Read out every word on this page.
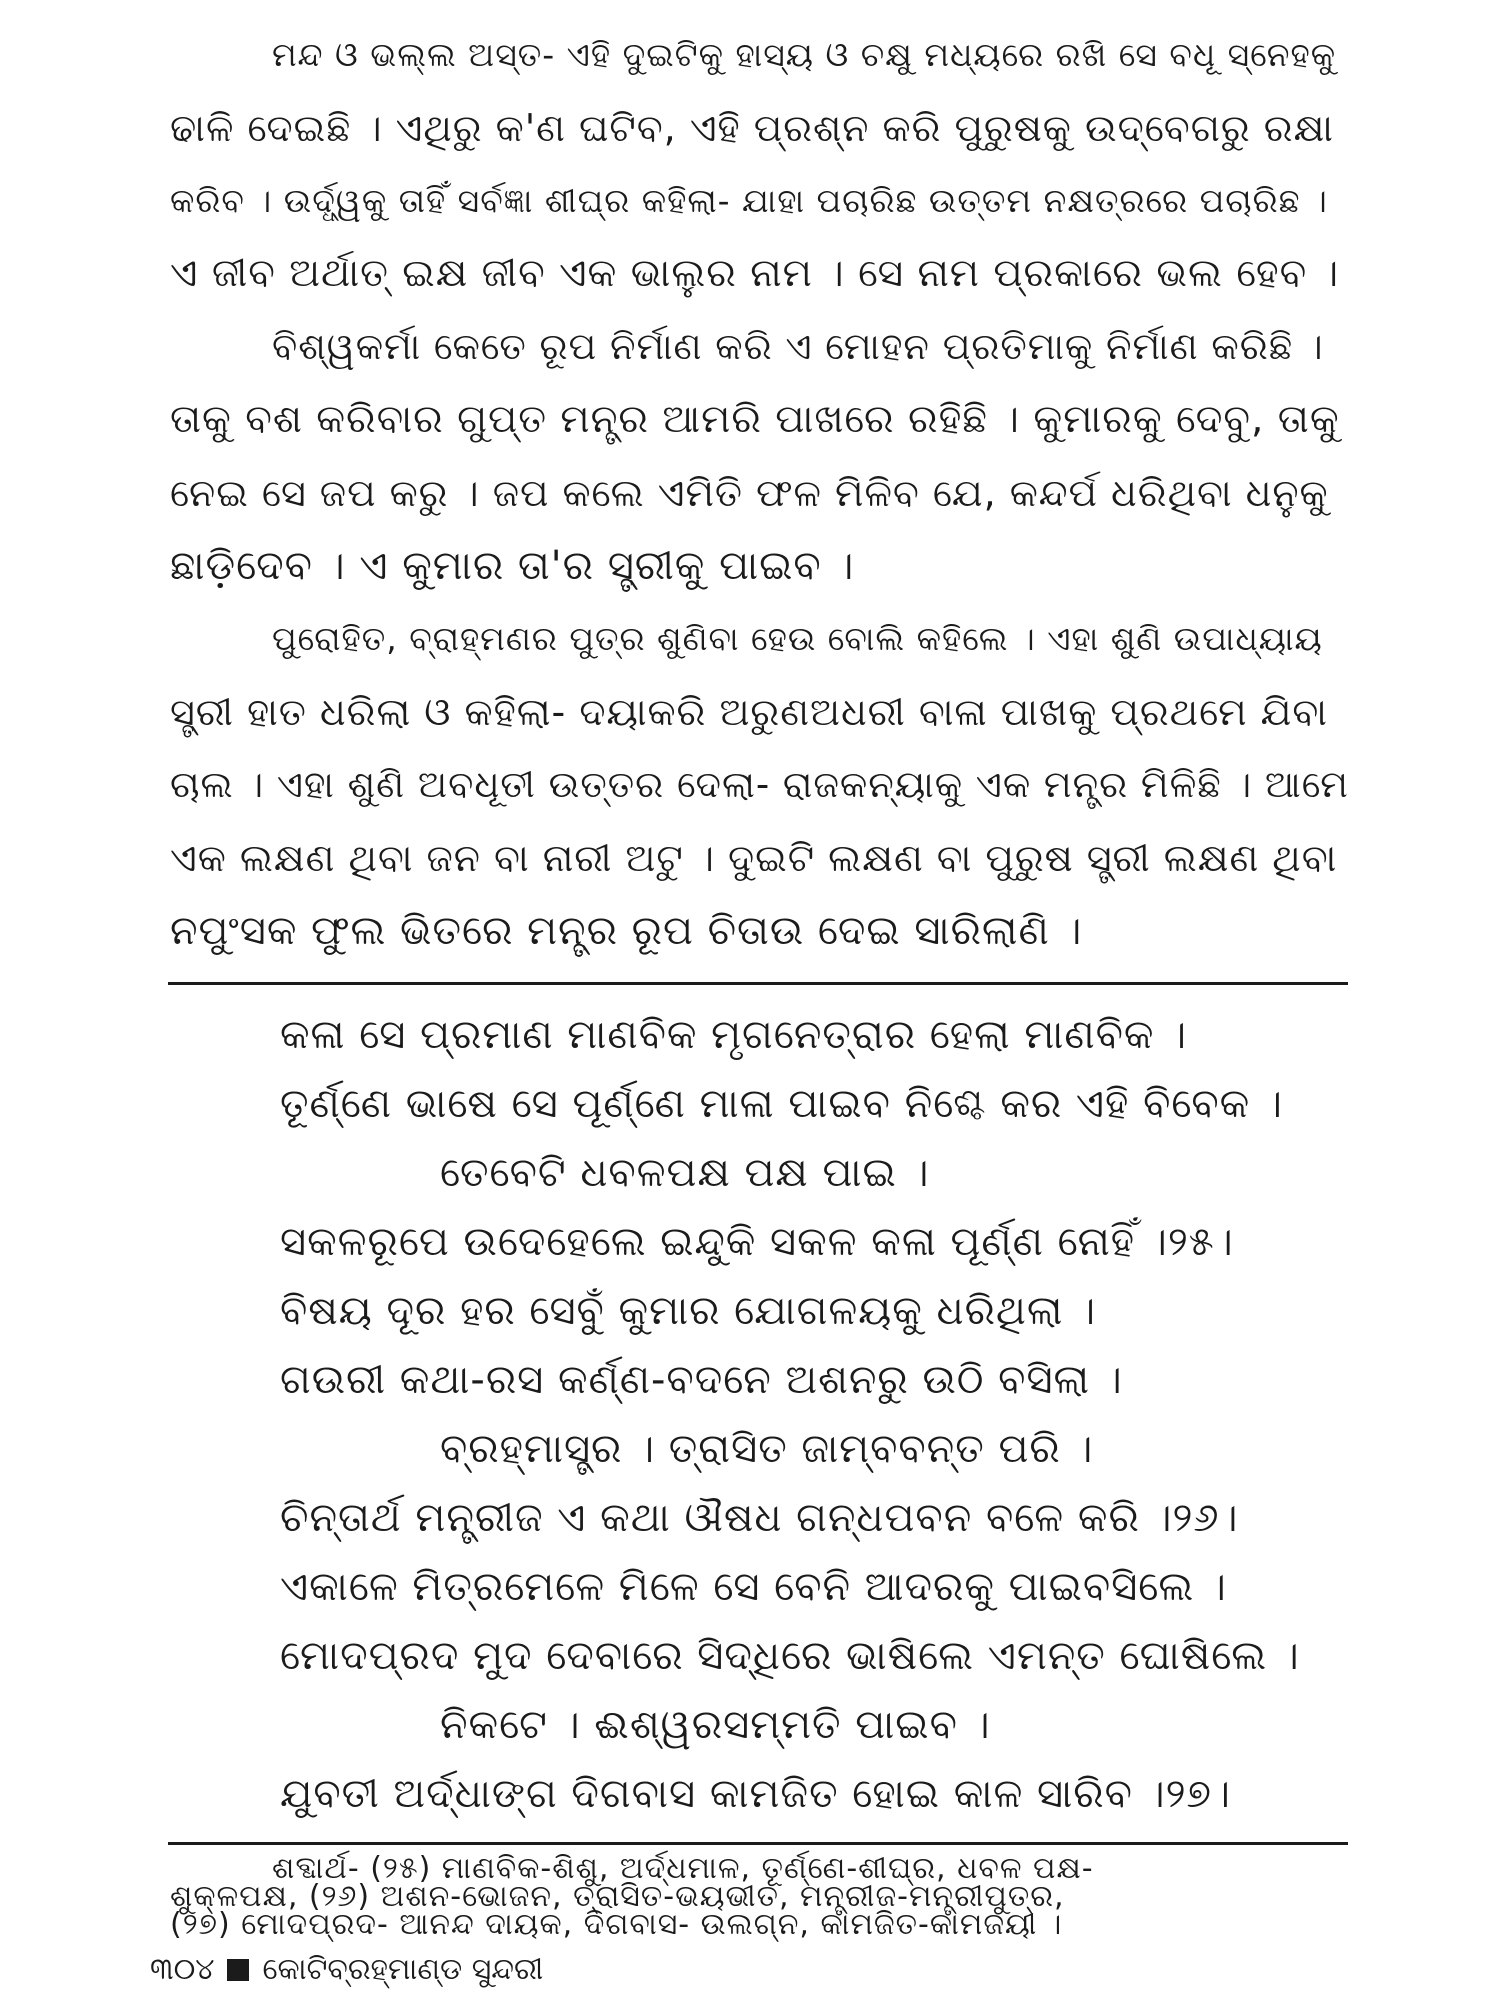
ମନ୍ଦ ଓ ଭଲ୍ଲ ଅସ୍ତ- ଏହି ଦୁଇଟିକୁ ହାସ୍ୟ ଓ ଚକ୍ଷୁ ମଧ୍ୟରେ ରଖି ସେ ବଧୂ ସ୍ନେହକୁ
ଢାଳି ଦେଇଛି । ଏଥିରୁ କ'ଣ ଘଟିବ, ଏହି ପ୍ରଶ୍ନ କରି ପୁରୁଷକୁ ଉଦ୍‌ବେଗରୁ ରକ୍ଷା
କରିବ । ଉର୍ଦ୍ଧ୍ୱକୁ ତାହିଁ ସର୍ବଜ୍ଞା ଶୀଘ୍ର କହିଲା- ଯାହା ପଚାରିଛ ଉତ୍ତମ ନକ୍ଷତ୍ରରେ ପଚାରିଛ ।
ଏ ଜୀବ ଅର୍ଥାତ୍ ଇକ୍ଷ ଜୀବ ଏକ ଭାଲୁର ନାମ । ସେ ନାମ ପ୍ରକାରେ ଭଲ ହେବ ।
ବିଶ୍ୱକର୍ମା କେତେ ରୂପ ନିର୍ମାଣ କରି ଏ ମୋହନ ପ୍ରତିମାକୁ ନିର୍ମାଣ କରିଛି ।
ତାକୁ ବଶ କରିବାର ଗୁପ୍ତ ମନ୍ତ୍ର ଆମରି ପାଖରେ ରହିଛି । କୁମାରକୁ ଦେବୁ, ତାକୁ
ନେଇ ସେ ଜପ କରୁ । ଜପ କଲେ ଏମିତି ଫଳ ମିଳିବ ଯେ, କନ୍ଦର୍ପ ଧରିଥିବା ଧନୁକୁ
ଛାଡ଼ିଦେବ । ଏ କୁମାର ତା'ର ସ୍ତ୍ରୀକୁ ପାଇବ ।
ପୁରୋହିତ, ବ୍ରାହ୍ମଣର ପୁତ୍ର ଶୁଣିବା ହେଉ ବୋଲି କହିଲେ । ଏହା ଶୁଣି ଉପାଧ୍ୟାୟ
ସ୍ତ୍ରୀ ହାତ ଧରିଲା ଓ କହିଲା- ଦୟାକରି ଅରୁଣଅଧରୀ ବାଳା ପାଖକୁ ପ୍ରଥମେ ଯିବା
ଚାଲ । ଏହା ଶୁଣି ଅବଧୂତୀ ଉତ୍ତର ଦେଲା- ରାଜକନ୍ୟାକୁ ଏକ ମନ୍ତ୍ର ମିଳିଛି । ଆମେ
ଏକ ଲକ୍ଷଣ ଥିବା ଜନ ବା ନାରୀ ଅଟୁ । ଦୁଇଟି ଲକ୍ଷଣ ବା ପୁରୁଷ ସ୍ତ୍ରୀ ଲକ୍ଷଣ ଥିବା
ନପୁଂସକ ଫୁଲ ଭିତରେ ମନ୍ତ୍ର ରୂପ ଚିତାଉ ଦେଇ ସାରିଲାଣି ।
କଳା ସେ ପ୍ରମାଣ ମାଣବିକ ମୃଗନେତ୍ରାର ହେଲା ମାଣବିକ ।
ତୂର୍ଣ୍ଣେ ଭାଷେ ସେ ପୂର୍ଣ୍ଣେ ମାଳା ପାଇବ ନିଶ୍ଚେ କର ଏହି ବିବେକ ।
ତେବେଟି ଧବଳପକ୍ଷ ପକ୍ଷ ପାଇ ।
ସକଳରୂପେ ଉଦେହେଲେ ଇନ୍ଦୁକି ସକଳ କଳା ପୂର୍ଣ୍ଣ ନୋହିଁ ।୨୫।
ବିଷୟ ଦୂର ହର ସେବୁଁ କୁମାର ଯୋଗଳୟକୁ ଧରିଥିଲା ।
ଗଉରୀ କଥା-ରସ କର୍ଣ୍ଣ-ବଦନେ ଅଶନରୁ ଉଠି ବସିଲା ।
ବ୍ରହ୍ମାସ୍ତ୍ର । ତ୍ରାସିତ ଜାମ୍ବବନ୍ତ ପରି ।
ଚିନ୍ତାର୍ଥ ମନ୍ତ୍ରୀଜ ଏ କଥା ଔଷଧ ଗନ୍ଧପବନ ବଳେ କରି ।୨୬।
ଏକାଳେ ମିତ୍ରମେଳେ ମିଳେ ସେ ବେନି ଆଦରକୁ ପାଇବସିଲେ ।
ମୋଦପ୍ରଦ ମୁଦ ଦେବାରେ ସିଦ୍ଧିରେ ଭାଷିଲେ ଏମନ୍ତ ଘୋଷିଲେ ।
ନିକଟେ । ଈଶ୍ୱରସମ୍ମତି ପାଇବ ।
ଯୁବତୀ ଅର୍ଦ୍ଧାଙ୍ଗ ଦିଗବାସ କାମଜିତ ହୋଇ କାଳ ସାରିବ ।୨୭।
ଶବ୍ଦାର୍ଥ- (୨୫) ମାଣବିକ-ଶିଶୁ, ଅର୍ଦ୍ଧମାଳ, ତୂର୍ଣ୍ଣେ-ଶୀଘ୍ର, ଧବଳ ପକ୍ଷ-
ଶୁକ୍ଳପକ୍ଷ, (୨୬) ଅଶନ-ଭୋଜନ, ତ୍ରାସିତ-ଭୟଭୀତ, ମନ୍ତ୍ରୀଜ-ମନ୍ତ୍ରୀପୁତ୍ର,
(୨୭) ମୋଦପ୍ରଦ- ଆନନ୍ଦ ଦାୟକ, ଦିଗବାସ- ଉଲଗ୍ନ, କାମଜିତ-କାମଜୟୀ ।
୩୦୪ କୋଟିବ୍ରହ୍ମାଣ୍ଡ ସୁନ୍ଦରୀ
